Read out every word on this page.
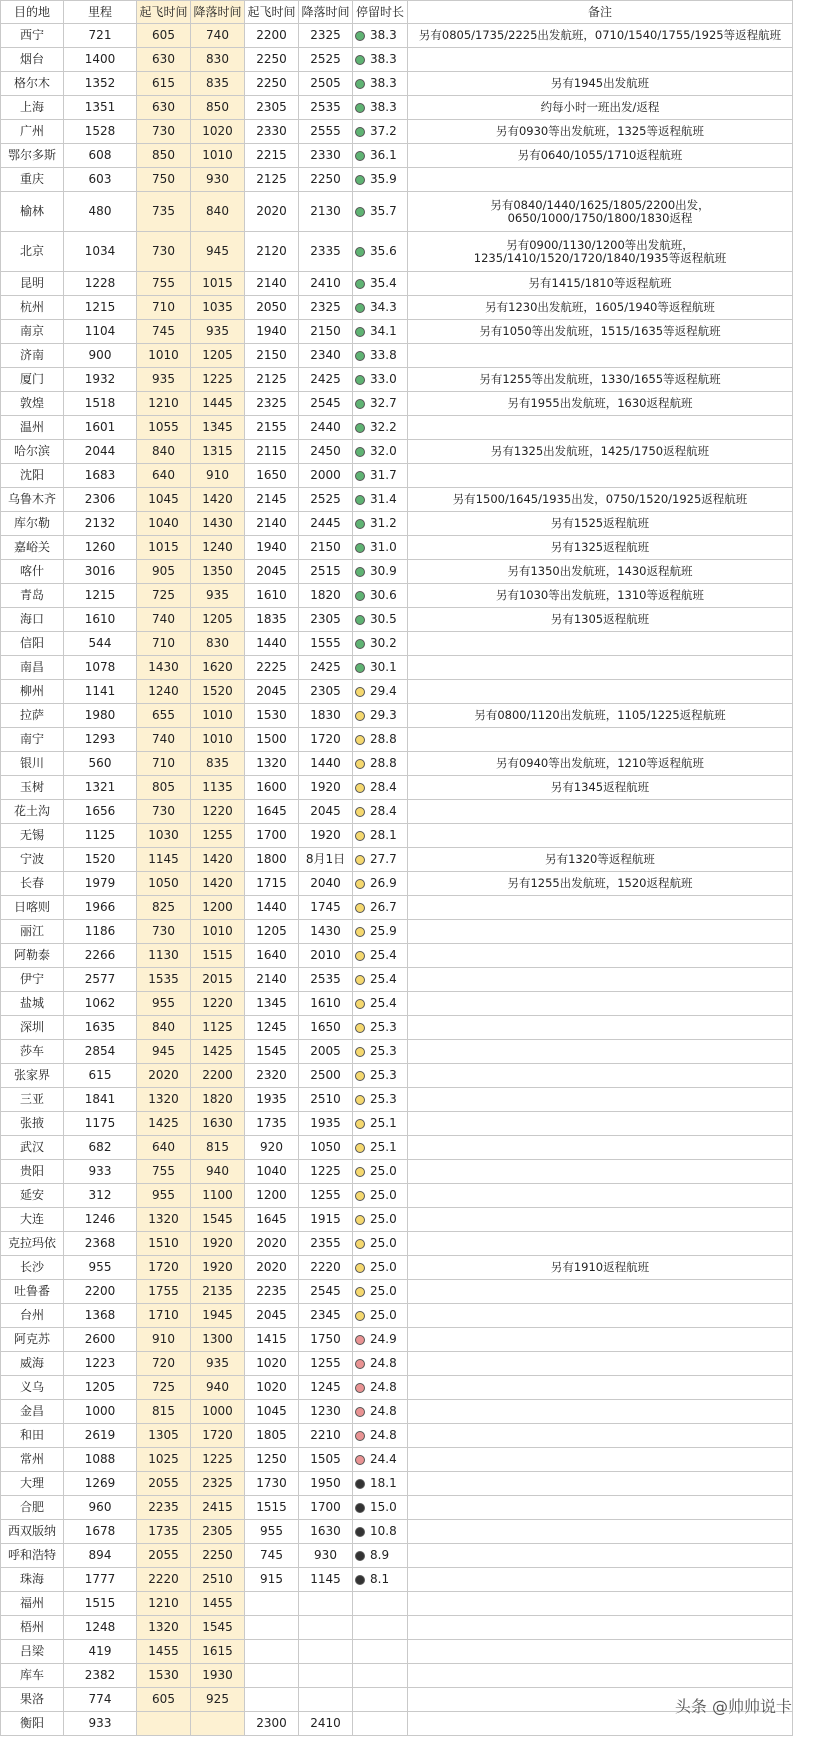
目的地	里程	起飞时间	降落时间	起飞时间	降落时间	停留时长	备注
西宁	721	605	740	2200	2325	38.3	另有0805/1735/2225出发航班，0710/1540/1755/1925等返程航班
烟台	1400	630	830	2250	2525	38.3	
格尔木	1352	615	835	2250	2505	38.3	另有1945出发航班
上海	1351	630	850	2305	2535	38.3	约每小时一班出发/返程
广州	1528	730	1020	2330	2555	37.2	另有0930等出发航班，1325等返程航班
鄂尔多斯	608	850	1010	2215	2330	36.1	另有0640/1055/1710返程航班
重庆	603	750	930	2125	2250	35.9	
榆林	480	735	840	2020	2130	35.7	另有0840/1440/1625/1805/2200出发，0650/1000/1750/1800/1830返程
北京	1034	730	945	2120	2335	35.6	另有0900/1130/1200等出发航班，1235/1410/1520/1720/1840/1935等返程航班
昆明	1228	755	1015	2140	2410	35.4	另有1415/1810等返程航班
杭州	1215	710	1035	2050	2325	34.3	另有1230出发航班，1605/1940等返程航班
南京	1104	745	935	1940	2150	34.1	另有1050等出发航班，1515/1635等返程航班
济南	900	1010	1205	2150	2340	33.8	
厦门	1932	935	1225	2125	2425	33.0	另有1255等出发航班，1330/1655等返程航班
敦煌	1518	1210	1445	2325	2545	32.7	另有1955出发航班，1630返程航班
温州	1601	1055	1345	2155	2440	32.2	
哈尔滨	2044	840	1315	2115	2450	32.0	另有1325出发航班，1425/1750返程航班
沈阳	1683	640	910	1650	2000	31.7	
乌鲁木齐	2306	1045	1420	2145	2525	31.4	另有1500/1645/1935出发，0750/1520/1925返程航班
库尔勒	2132	1040	1430	2140	2445	31.2	另有1525返程航班
嘉峪关	1260	1015	1240	1940	2150	31.0	另有1325返程航班
喀什	3016	905	1350	2045	2515	30.9	另有1350出发航班，1430返程航班
青岛	1215	725	935	1610	1820	30.6	另有1030等出发航班，1310等返程航班
海口	1610	740	1205	1835	2305	30.5	另有1305返程航班
信阳	544	710	830	1440	1555	30.2	
南昌	1078	1430	1620	2225	2425	30.1	
柳州	1141	1240	1520	2045	2305	29.4	
拉萨	1980	655	1010	1530	1830	29.3	另有0800/1120出发航班，1105/1225返程航班
南宁	1293	740	1010	1500	1720	28.8	
银川	560	710	835	1320	1440	28.8	另有0940等出发航班，1210等返程航班
玉树	1321	805	1135	1600	1920	28.4	另有1345返程航班
花土沟	1656	730	1220	1645	2045	28.4	
无锡	1125	1030	1255	1700	1920	28.1	
宁波	1520	1145	1420	1800	8月1日	27.7	另有1320等返程航班
长春	1979	1050	1420	1715	2040	26.9	另有1255出发航班，1520返程航班
日喀则	1966	825	1200	1440	1745	26.7	
丽江	1186	730	1010	1205	1430	25.9	
阿勒泰	2266	1130	1515	1640	2010	25.4	
伊宁	2577	1535	2015	2140	2535	25.4	
盐城	1062	955	1220	1345	1610	25.4	
深圳	1635	840	1125	1245	1650	25.3	
莎车	2854	945	1425	1545	2005	25.3	
张家界	615	2020	2200	2320	2500	25.3	
三亚	1841	1320	1820	1935	2510	25.3	
张掖	1175	1425	1630	1735	1935	25.1	
武汉	682	640	815	920	1050	25.1	
贵阳	933	755	940	1040	1225	25.0	
延安	312	955	1100	1200	1255	25.0	
大连	1246	1320	1545	1645	1915	25.0	
克拉玛依	2368	1510	1920	2020	2355	25.0	
长沙	955	1720	1920	2020	2220	25.0	另有1910返程航班
吐鲁番	2200	1755	2135	2235	2545	25.0	
台州	1368	1710	1945	2045	2345	25.0	
阿克苏	2600	910	1300	1415	1750	24.9	
威海	1223	720	935	1020	1255	24.8	
义乌	1205	725	940	1020	1245	24.8	
金昌	1000	815	1000	1045	1230	24.8	
和田	2619	1305	1720	1805	2210	24.8	
常州	1088	1025	1225	1250	1505	24.4	
大理	1269	2055	2325	1730	1950	18.1	
合肥	960	2235	2415	1515	1700	15.0	
西双版纳	1678	1735	2305	955	1630	10.8	
呼和浩特	894	2055	2250	745	930	8.9	
珠海	1777	2220	2510	915	1145	8.1	
福州	1515	1210	1455				
梧州	1248	1320	1545				
吕梁	419	1455	1615				
库车	2382	1530	1930				
果洛	774	605	925				
衡阳	933			2300	2410		
头条 @帅帅说卡
